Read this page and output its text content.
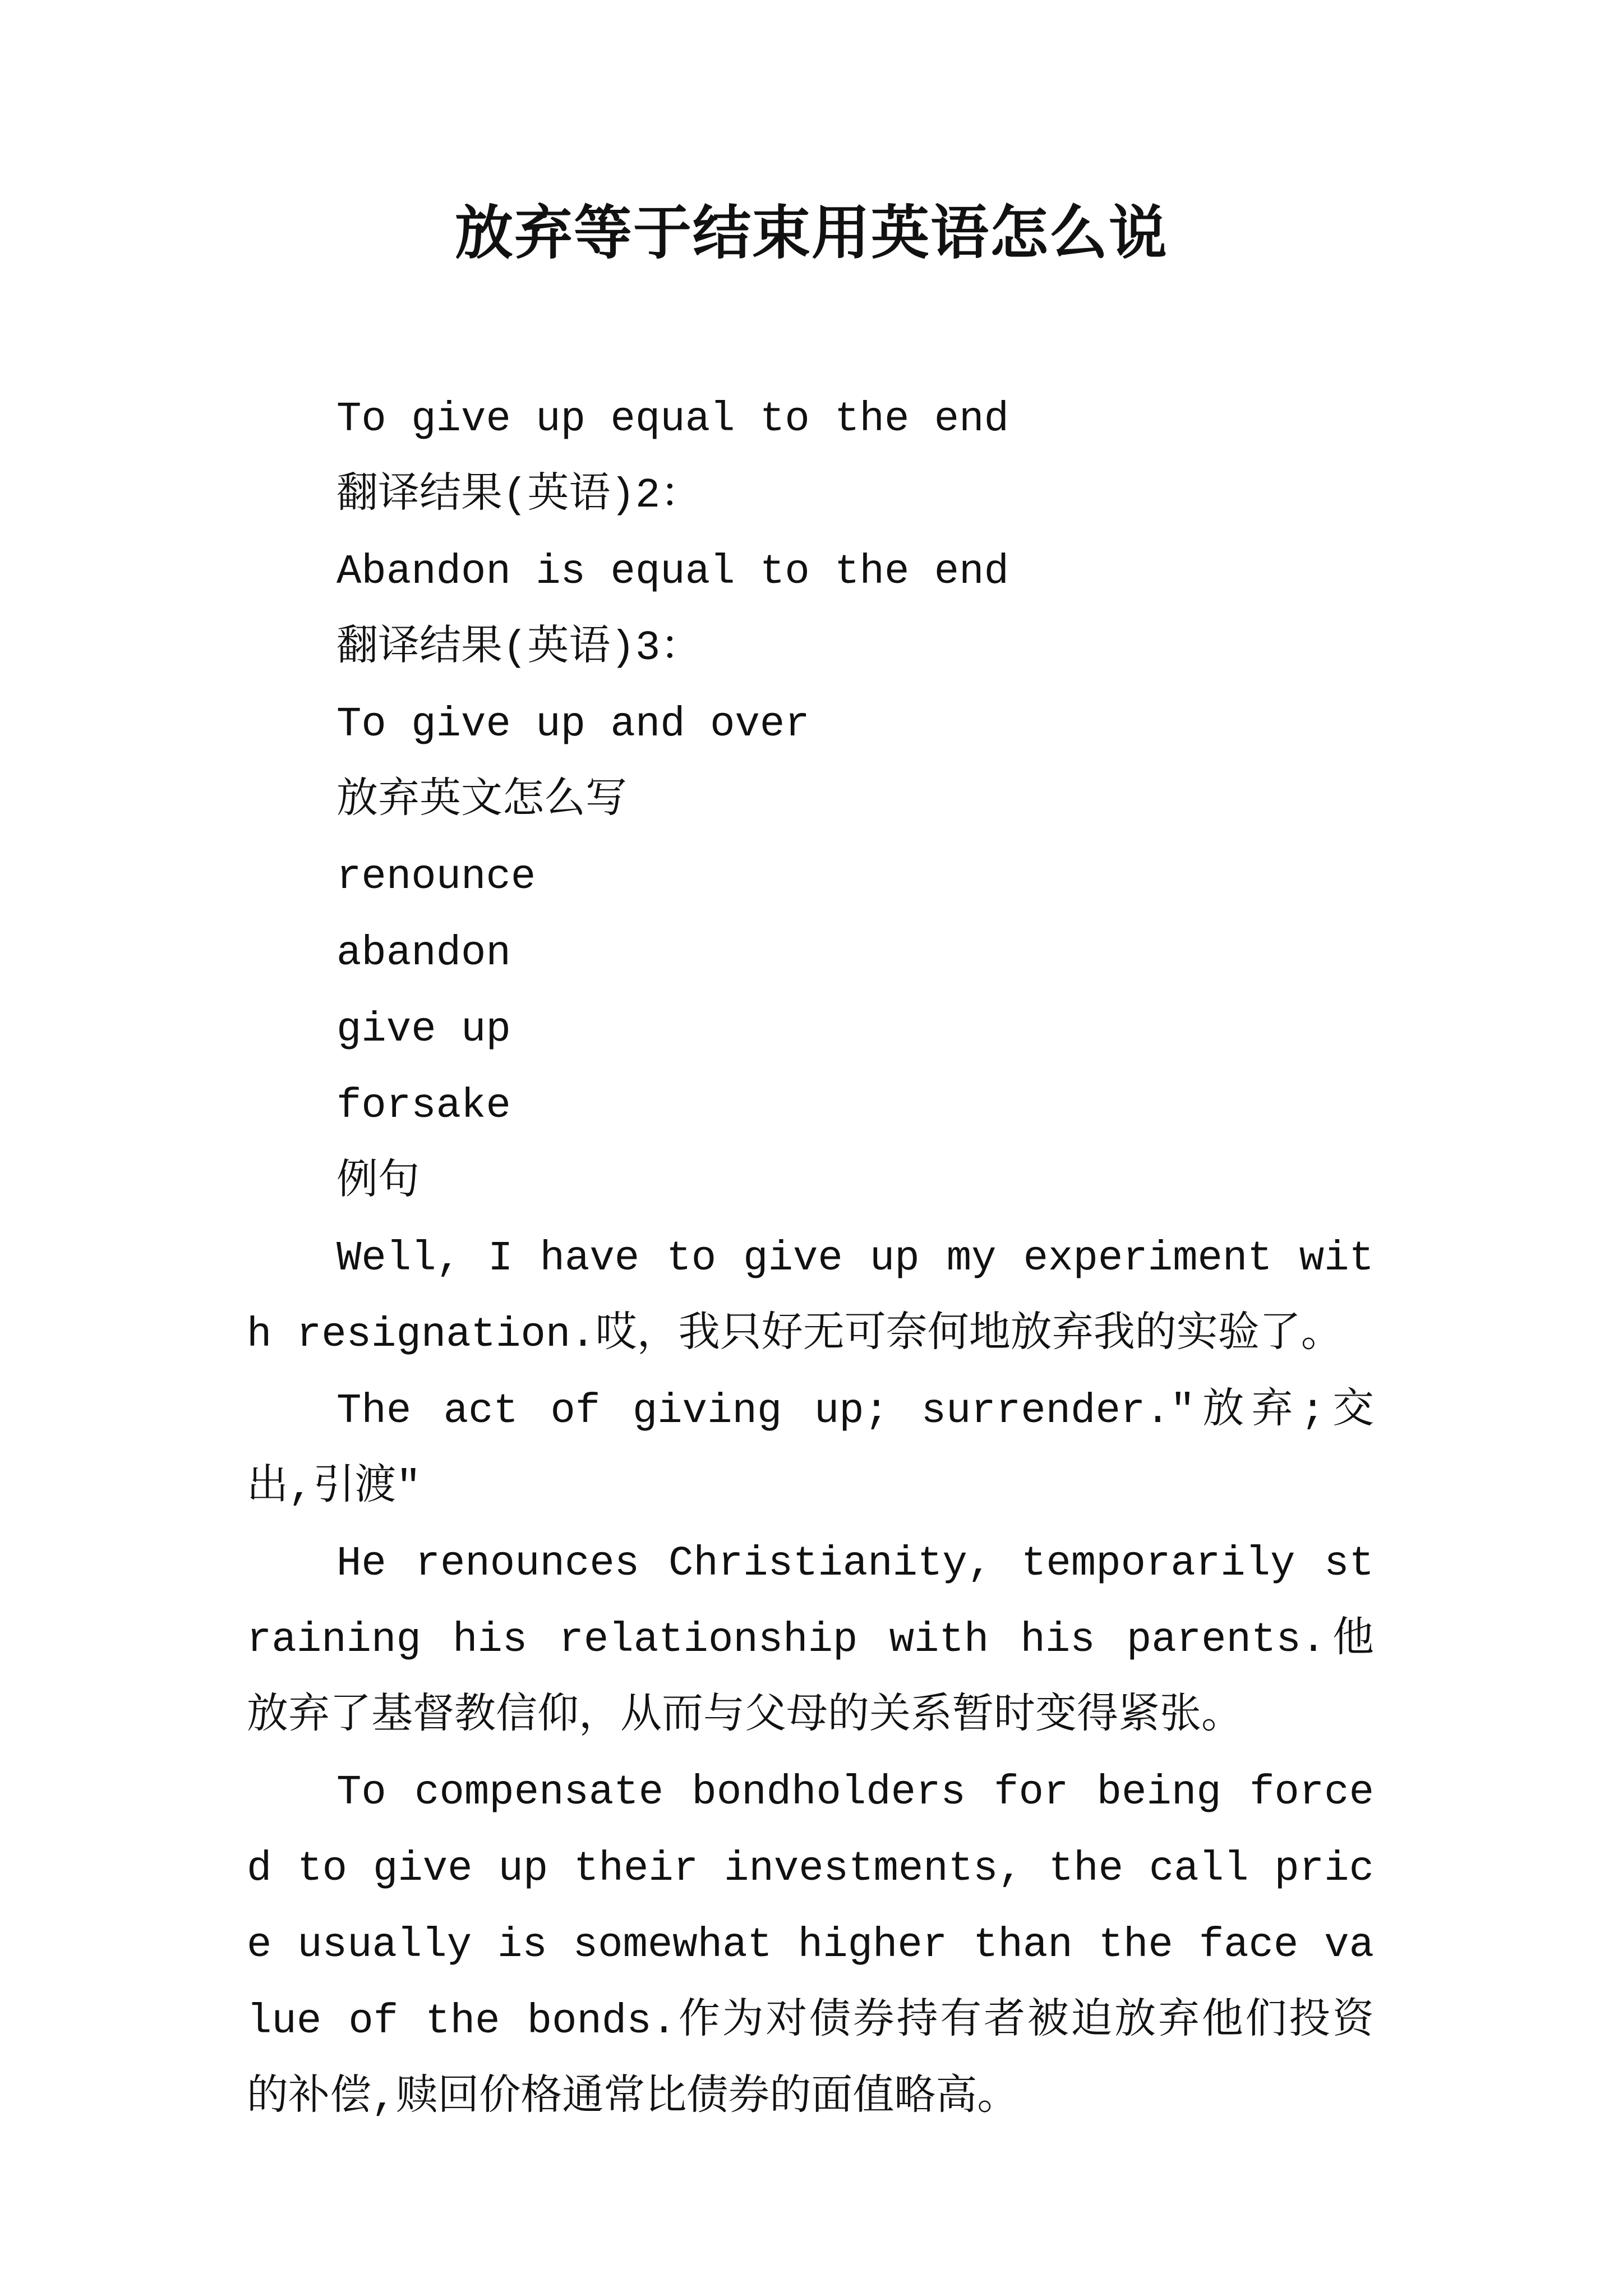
放弃等于结束用英语怎么说
To give up equal to the end
翻译结果(英语)2：
Abandon is equal to the end
翻译结果(英语)3：
To give up and over
放弃英文怎么写
renounce
abandon
give up
forsake
例句
Well, I have to give up my experiment with resignation.哎，我只好无可奈何地放弃我的实验了。
The act of giving up; surrender."放弃;交出,引渡"
He renounces Christianity, temporarily straining his relationship with his parents.他放弃了基督教信仰，从而与父母的关系暂时变得紧张。
To compensate bondholders for being forced to give up their investments, the call price usually is somewhat higher than the face value of the bonds.作为对债券持有者被迫放弃他们投资的补偿,赎回价格通常比债券的面值略高。
